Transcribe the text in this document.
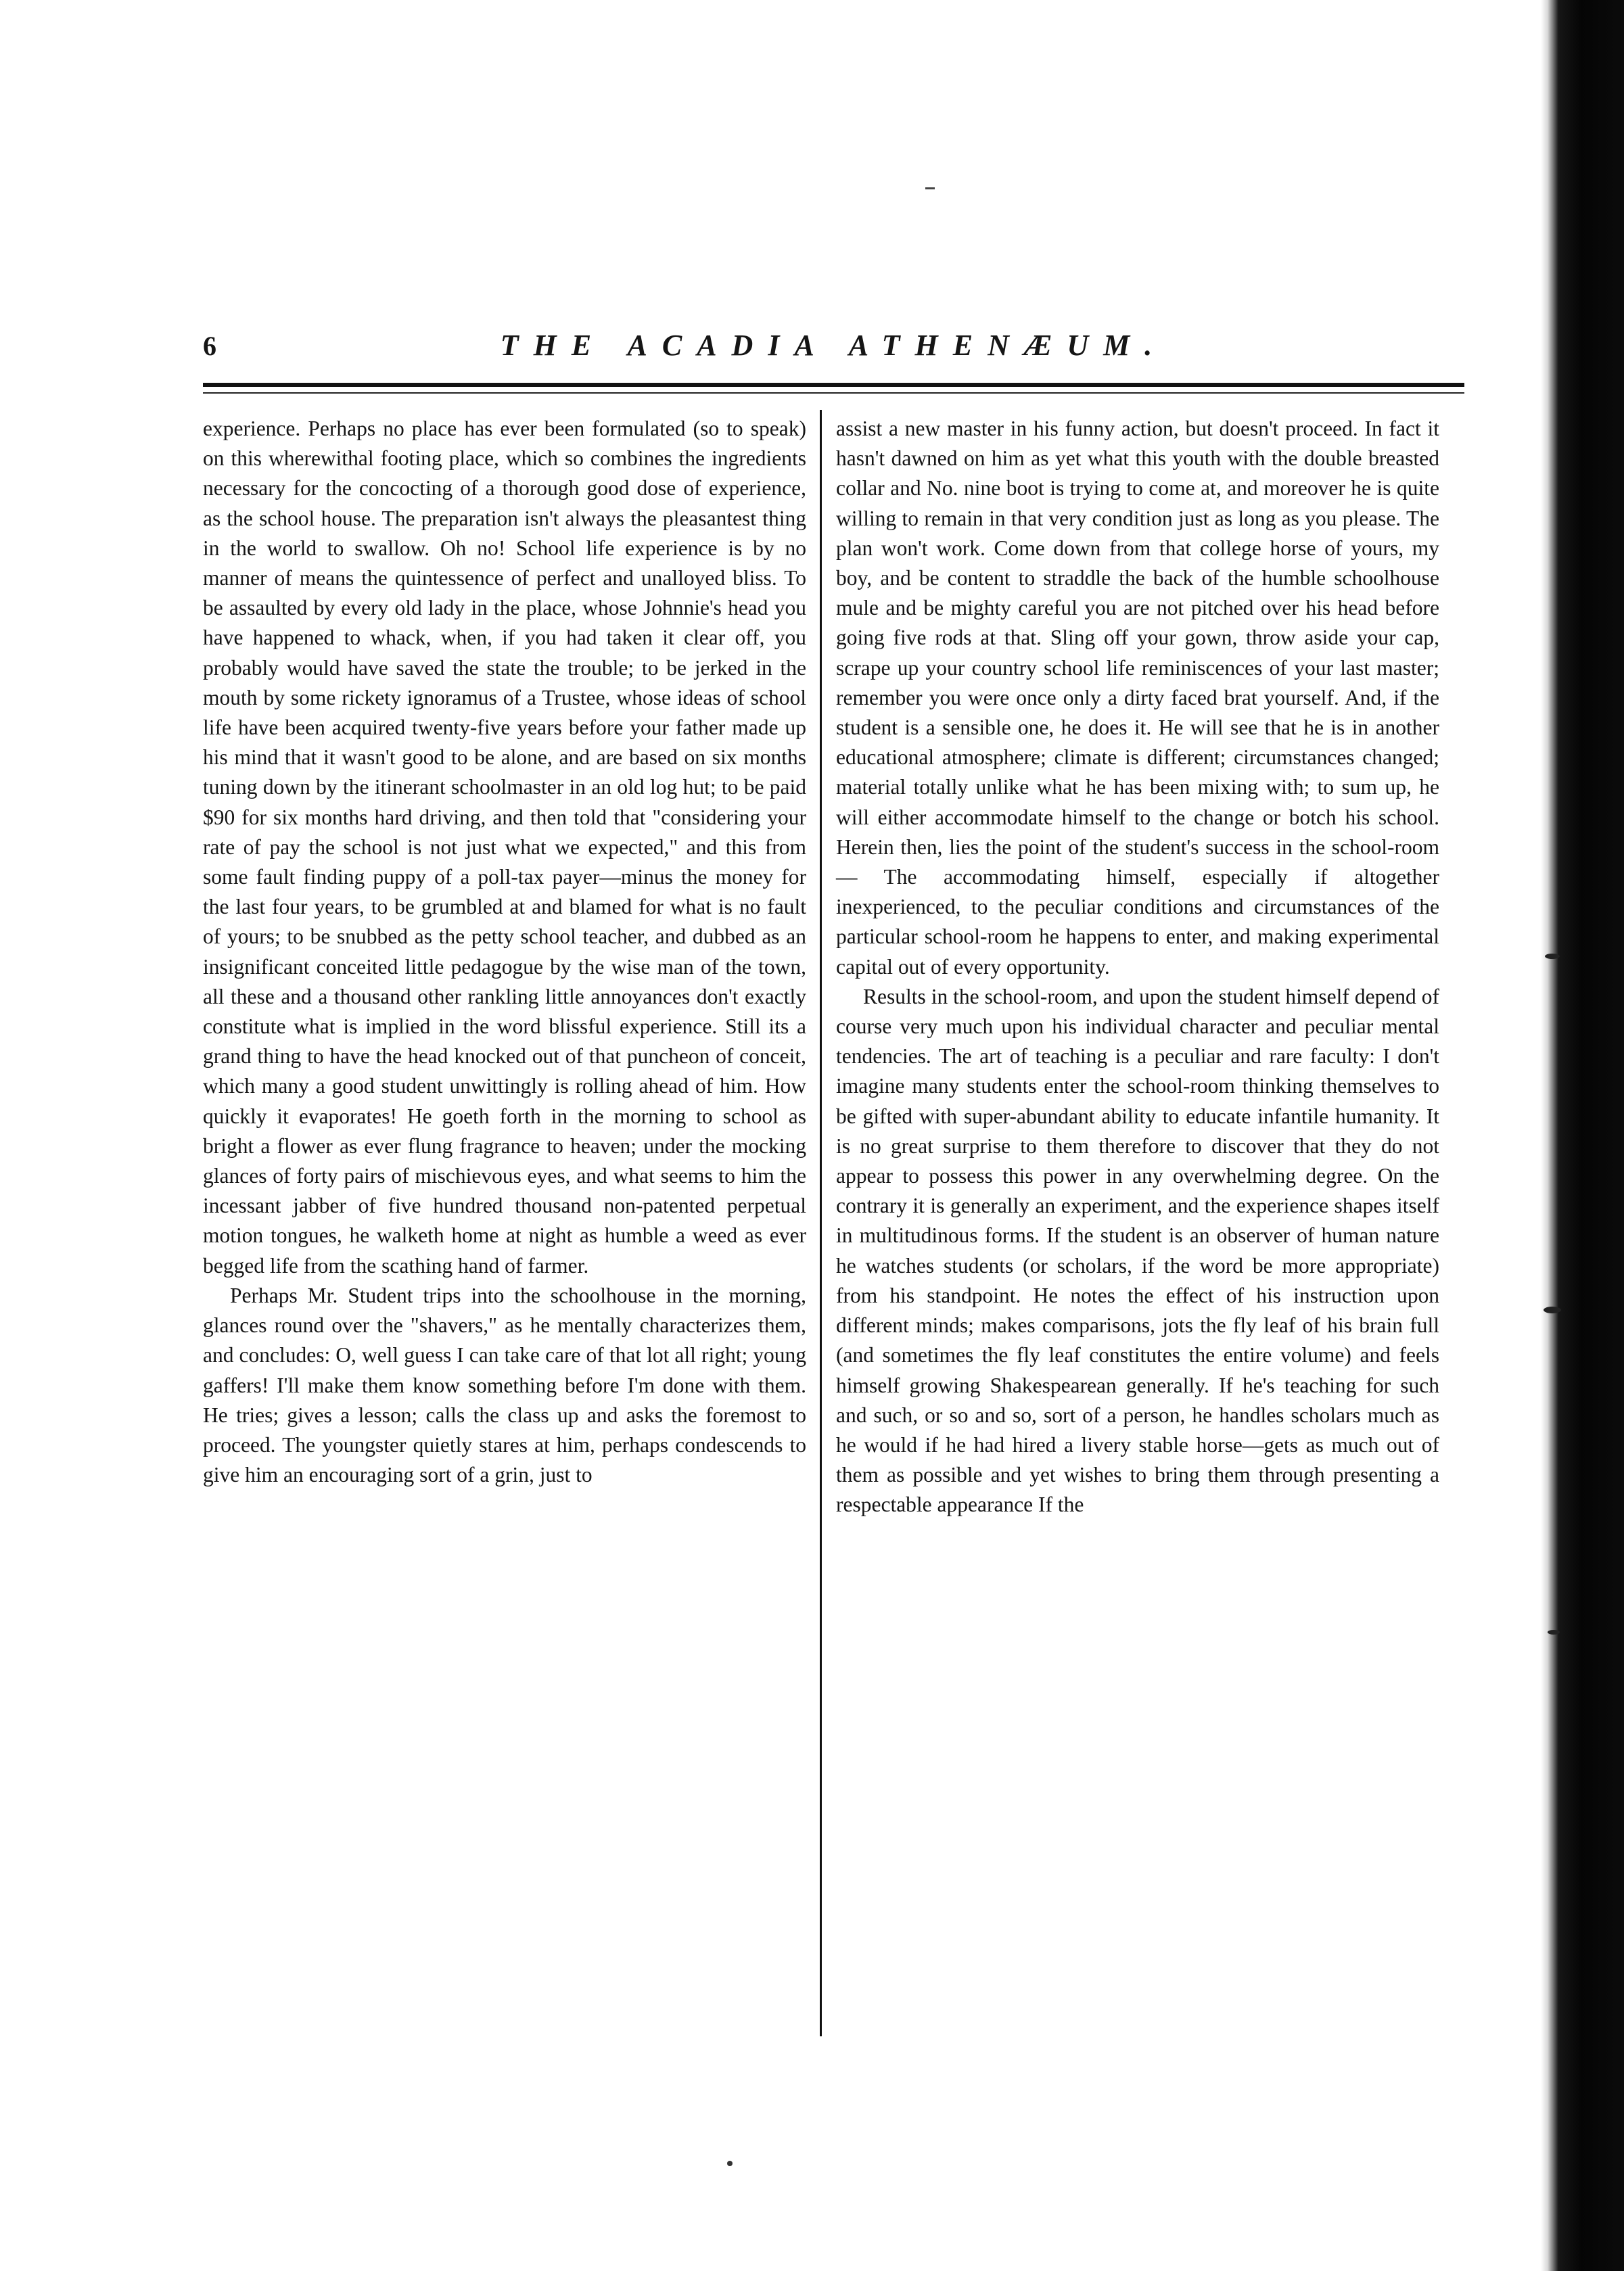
6	THE ACADIA ATHENÆUM.

experience. Perhaps no place has ever been formulated (so to speak) on this wherewithal footing place, which so combines the ingredients necessary for the concocting of a thorough good dose of experience, as the school house. The preparation isn't always the pleasantest thing in the world to swallow. Oh no! School life experience is by no manner of means the quintessence of perfect and unalloyed bliss. To be assaulted by every old lady in the place, whose Johnnie's head you have happened to whack, when, if you had taken it clear off, you probably would have saved the state the trouble; to be jerked in the mouth by some rickety ignoramus of a Trustee, whose ideas of school life have been acquired twenty-five years before your father made up his mind that it wasn't good to be alone, and are based on six months tuning down by the itinerant schoolmaster in an old log hut; to be paid $90 for six months hard driving, and then told that "considering your rate of pay the school is not just what we expected," and this from some fault finding puppy of a poll-tax payer—minus the money for the last four years, to be grumbled at and blamed for what is no fault of yours; to be snubbed as the petty school teacher, and dubbed as an insignificant conceited little pedagogue by the wise man of the town, all these and a thousand other rankling little annoyances don't exactly constitute what is implied in the word blissful experience. Still its a grand thing to have the head knocked out of that puncheon of conceit, which many a good student unwittingly is rolling ahead of him. How quickly it evaporates! He goeth forth in the morning to school as bright a flower as ever flung fragrance to heaven; under the mocking glances of forty pairs of mischievous eyes, and what seems to him the incessant jabber of five hundred thousand non-patented perpetual motion tongues, he walketh home at night as humble a weed as ever begged life from the scathing hand of farmer.

Perhaps Mr. Student trips into the schoolhouse in the morning, glances round over the "shavers," as he mentally characterizes them, and concludes: O, well guess I can take care of that lot all right; young gaffers! I'll make them know something before I'm done with them. He tries; gives a lesson; calls the class up and asks the foremost to proceed. The youngster quietly stares at him, perhaps condescends to give him an encouraging sort of a grin, just to

assist a new master in his funny action, but doesn't proceed. In fact it hasn't dawned on him as yet what this youth with the double breasted collar and No. nine boot is trying to come at, and moreover he is quite willing to remain in that very condition just as long as you please. The plan won't work. Come down from that college horse of yours, my boy, and be content to straddle the back of the humble schoolhouse mule and be mighty careful you are not pitched over his head before going five rods at that. Sling off your gown, throw aside your cap, scrape up your country school life reminiscences of your last master; remember you were once only a dirty faced brat yourself. And, if the student is a sensible one, he does it. He will see that he is in another educational atmosphere; climate is different; circumstances changed; material totally unlike what he has been mixing with; to sum up, he will either accommodate himself to the change or botch his school. Herein then, lies the point of the student's success in the school-room— The accommodating himself, especially if altogether inexperienced, to the peculiar conditions and circumstances of the particular school-room he happens to enter, and making experimental capital out of every opportunity.

Results in the school-room, and upon the student himself depend of course very much upon his individual character and peculiar mental tendencies. The art of teaching is a peculiar and rare faculty: I don't imagine many students enter the school-room thinking themselves to be gifted with super-abundant ability to educate infantile humanity. It is no great surprise to them therefore to discover that they do not appear to possess this power in any overwhelming degree. On the contrary it is generally an experiment, and the experience shapes itself in multitudinous forms. If the student is an observer of human nature he watches students (or scholars, if the word be more appropriate) from his standpoint. He notes the effect of his instruction upon different minds; makes comparisons, jots the fly leaf of his brain full (and sometimes the fly leaf constitutes the entire volume) and feels himself growing Shakespearean generally. If he's teaching for such and such, or so and so, sort of a person, he handles scholars much as he would if he had hired a livery stable horse—gets as much out of them as possible and yet wishes to bring them through presenting a respectable appearance If the
